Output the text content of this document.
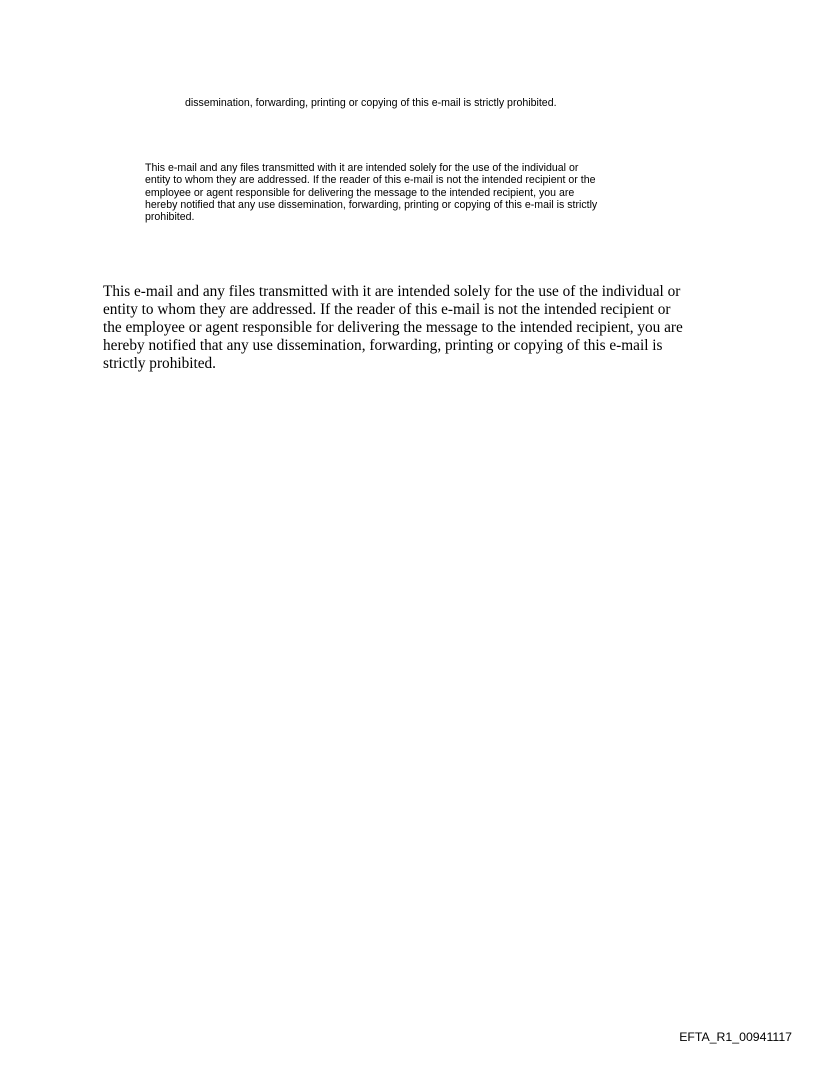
dissemination, forwarding, printing or copying of this e-mail is strictly prohibited.
This e-mail and any files transmitted with it are intended solely for the use of the individual or
entity to whom they are addressed. If the reader of this e-mail is not the intended recipient or the
employee or agent responsible for delivering the message to the intended recipient, you are
hereby notified that any use dissemination, forwarding, printing or copying of this e-mail is strictly
prohibited.
This e-mail and any files transmitted with it are intended solely for the use of the individual or
entity to whom they are addressed. If the reader of this e-mail is not the intended recipient or
the employee or agent responsible for delivering the message to the intended recipient, you are
hereby notified that any use dissemination, forwarding, printing or copying of this e-mail is
strictly prohibited.
EFTA_R1_00941117
